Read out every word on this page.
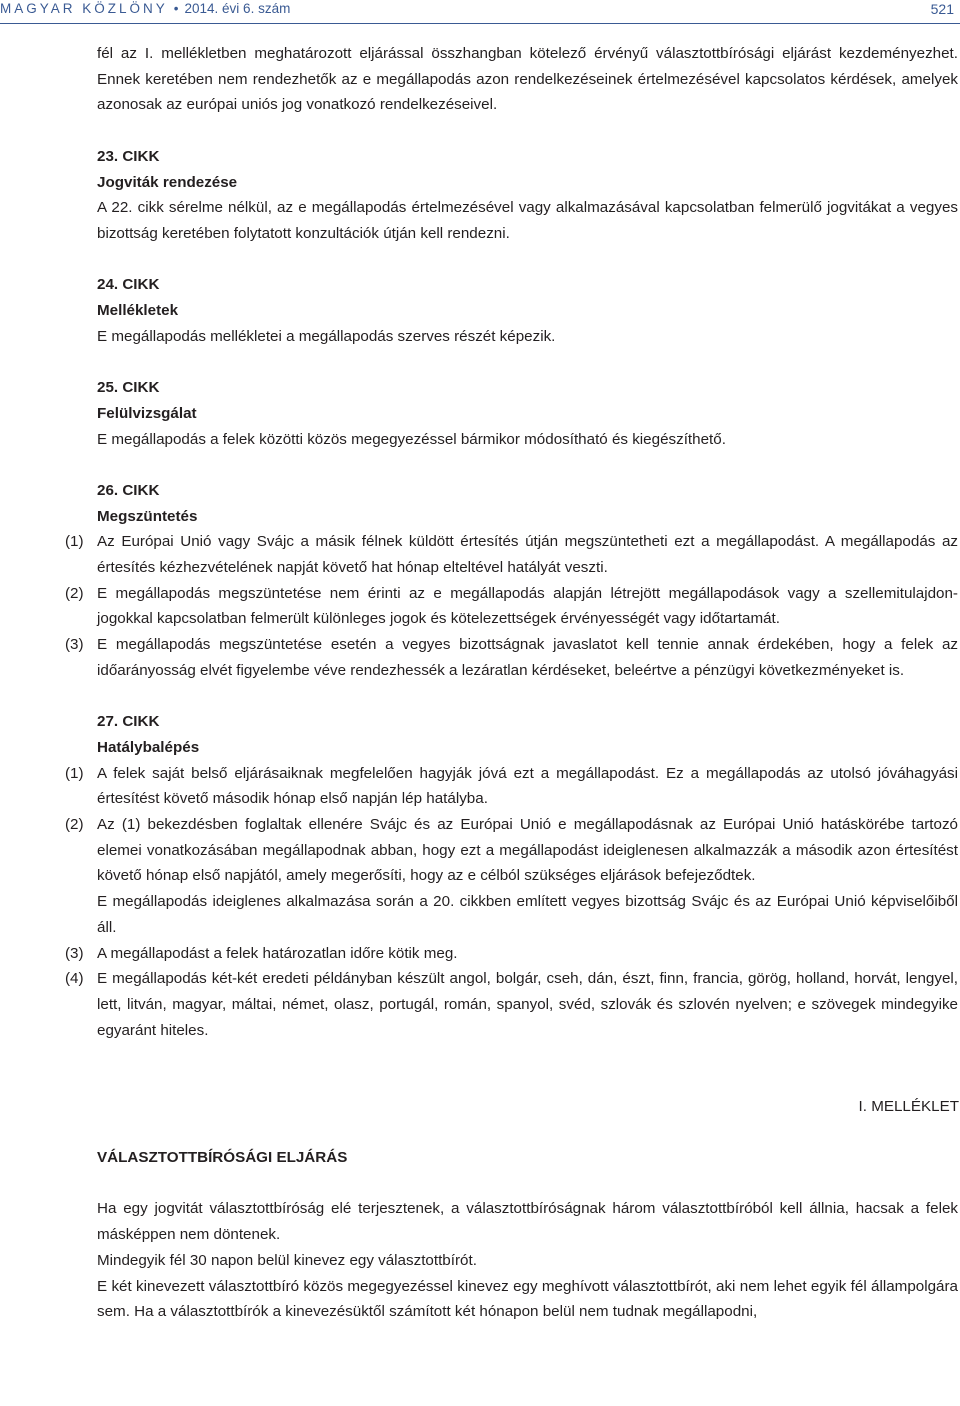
MAGYAR KÖZLÖNY • 2014. évi 6. szám	521

fél az I. mellékletben meghatározott eljárással összhangban kötelező érvényű választottbírósági eljárást kezdeményezhet. Ennek keretében nem rendezhetők az e megállapodás azon rendelkezéseinek értelmezésével kapcsolatos kérdések, amelyek azonosak az európai uniós jog vonatkozó rendelkezéseivel.

23. CIKK
Jogviták rendezése
A 22. cikk sérelme nélkül, az e megállapodás értelmezésével vagy alkalmazásával kapcsolatban felmerülő jogvitákat a vegyes bizottság keretében folytatott konzultációk útján kell rendezni.
24. CIKK
Mellékletek
E megállapodás mellékletei a megállapodás szerves részét képezik.
25. CIKK
Felülvizsgálat
E megállapodás a felek közötti közös megegyezéssel bármikor módosítható és kiegészíthető.
26. CIKK
Megszüntetés
(1) Az Európai Unió vagy Svájc a másik félnek küldött értesítés útján megszüntetheti ezt a megállapodást. A megállapodás az értesítés kézhezvételének napját követő hat hónap elteltével hatályát veszti.
(2) E megállapodás megszüntetése nem érinti az e megállapodás alapján létrejött megállapodások vagy a szellemitulajdon-jogokkal kapcsolatban felmerült különleges jogok és kötelezettségek érvényességét vagy időtartamát.
(3) E megállapodás megszüntetése esetén a vegyes bizottságnak javaslatot kell tennie annak érdekében, hogy a felek az időarányosság elvét figyelembe véve rendezhessék a lezáratlan kérdéseket, beleértve a pénzügyi következményeket is.
27. CIKK
Hatálybalépés
(1) A felek saját belső eljárásaiknak megfelelően hagyják jóvá ezt a megállapodást. Ez a megállapodás az utolsó jóváhagyási értesítést követő második hónap első napján lép hatályba.
(2) Az (1) bekezdésben foglaltak ellenére Svájc és az Európai Unió e megállapodásnak az Európai Unió hatáskörébe tartozó elemei vonatkozásában megállapodnak abban, hogy ezt a megállapodást ideiglenesen alkalmazzák a második azon értesítést követő hónap első napjától, amely megerősíti, hogy az e célból szükséges eljárások befejeződtek.
E megállapodás ideiglenes alkalmazása során a 20. cikkben említett vegyes bizottság Svájc és az Európai Unió képviselőiből áll.
(3) A megállapodást a felek határozatlan időre kötik meg.
(4) E megállapodás két-két eredeti példányban készült angol, bolgár, cseh, dán, észt, finn, francia, görög, holland, horvát, lengyel, lett, litván, magyar, máltai, német, olasz, portugál, román, spanyol, svéd, szlovák és szlovén nyelven; e szövegek mindegyike egyaránt hiteles.
I. MELLÉKLET
VÁLASZTOTTBÍRÓSÁGI ELJÁRÁS

Ha egy jogvitát választottbíróság elé terjesztenek, a választottbíróságnak három választottbíróból kell állnia, hacsak a felek másképpen nem döntenek.

Mindegyik fél 30 napon belül kinevez egy választottbírót.

E két kinevezett választottbíró közös megegyezéssel kinevez egy meghívott választottbírót, aki nem lehet egyik fél állampolgára sem. Ha a választottbírók a kinevezésüktől számított két hónapon belül nem tudnak megállapodni,
